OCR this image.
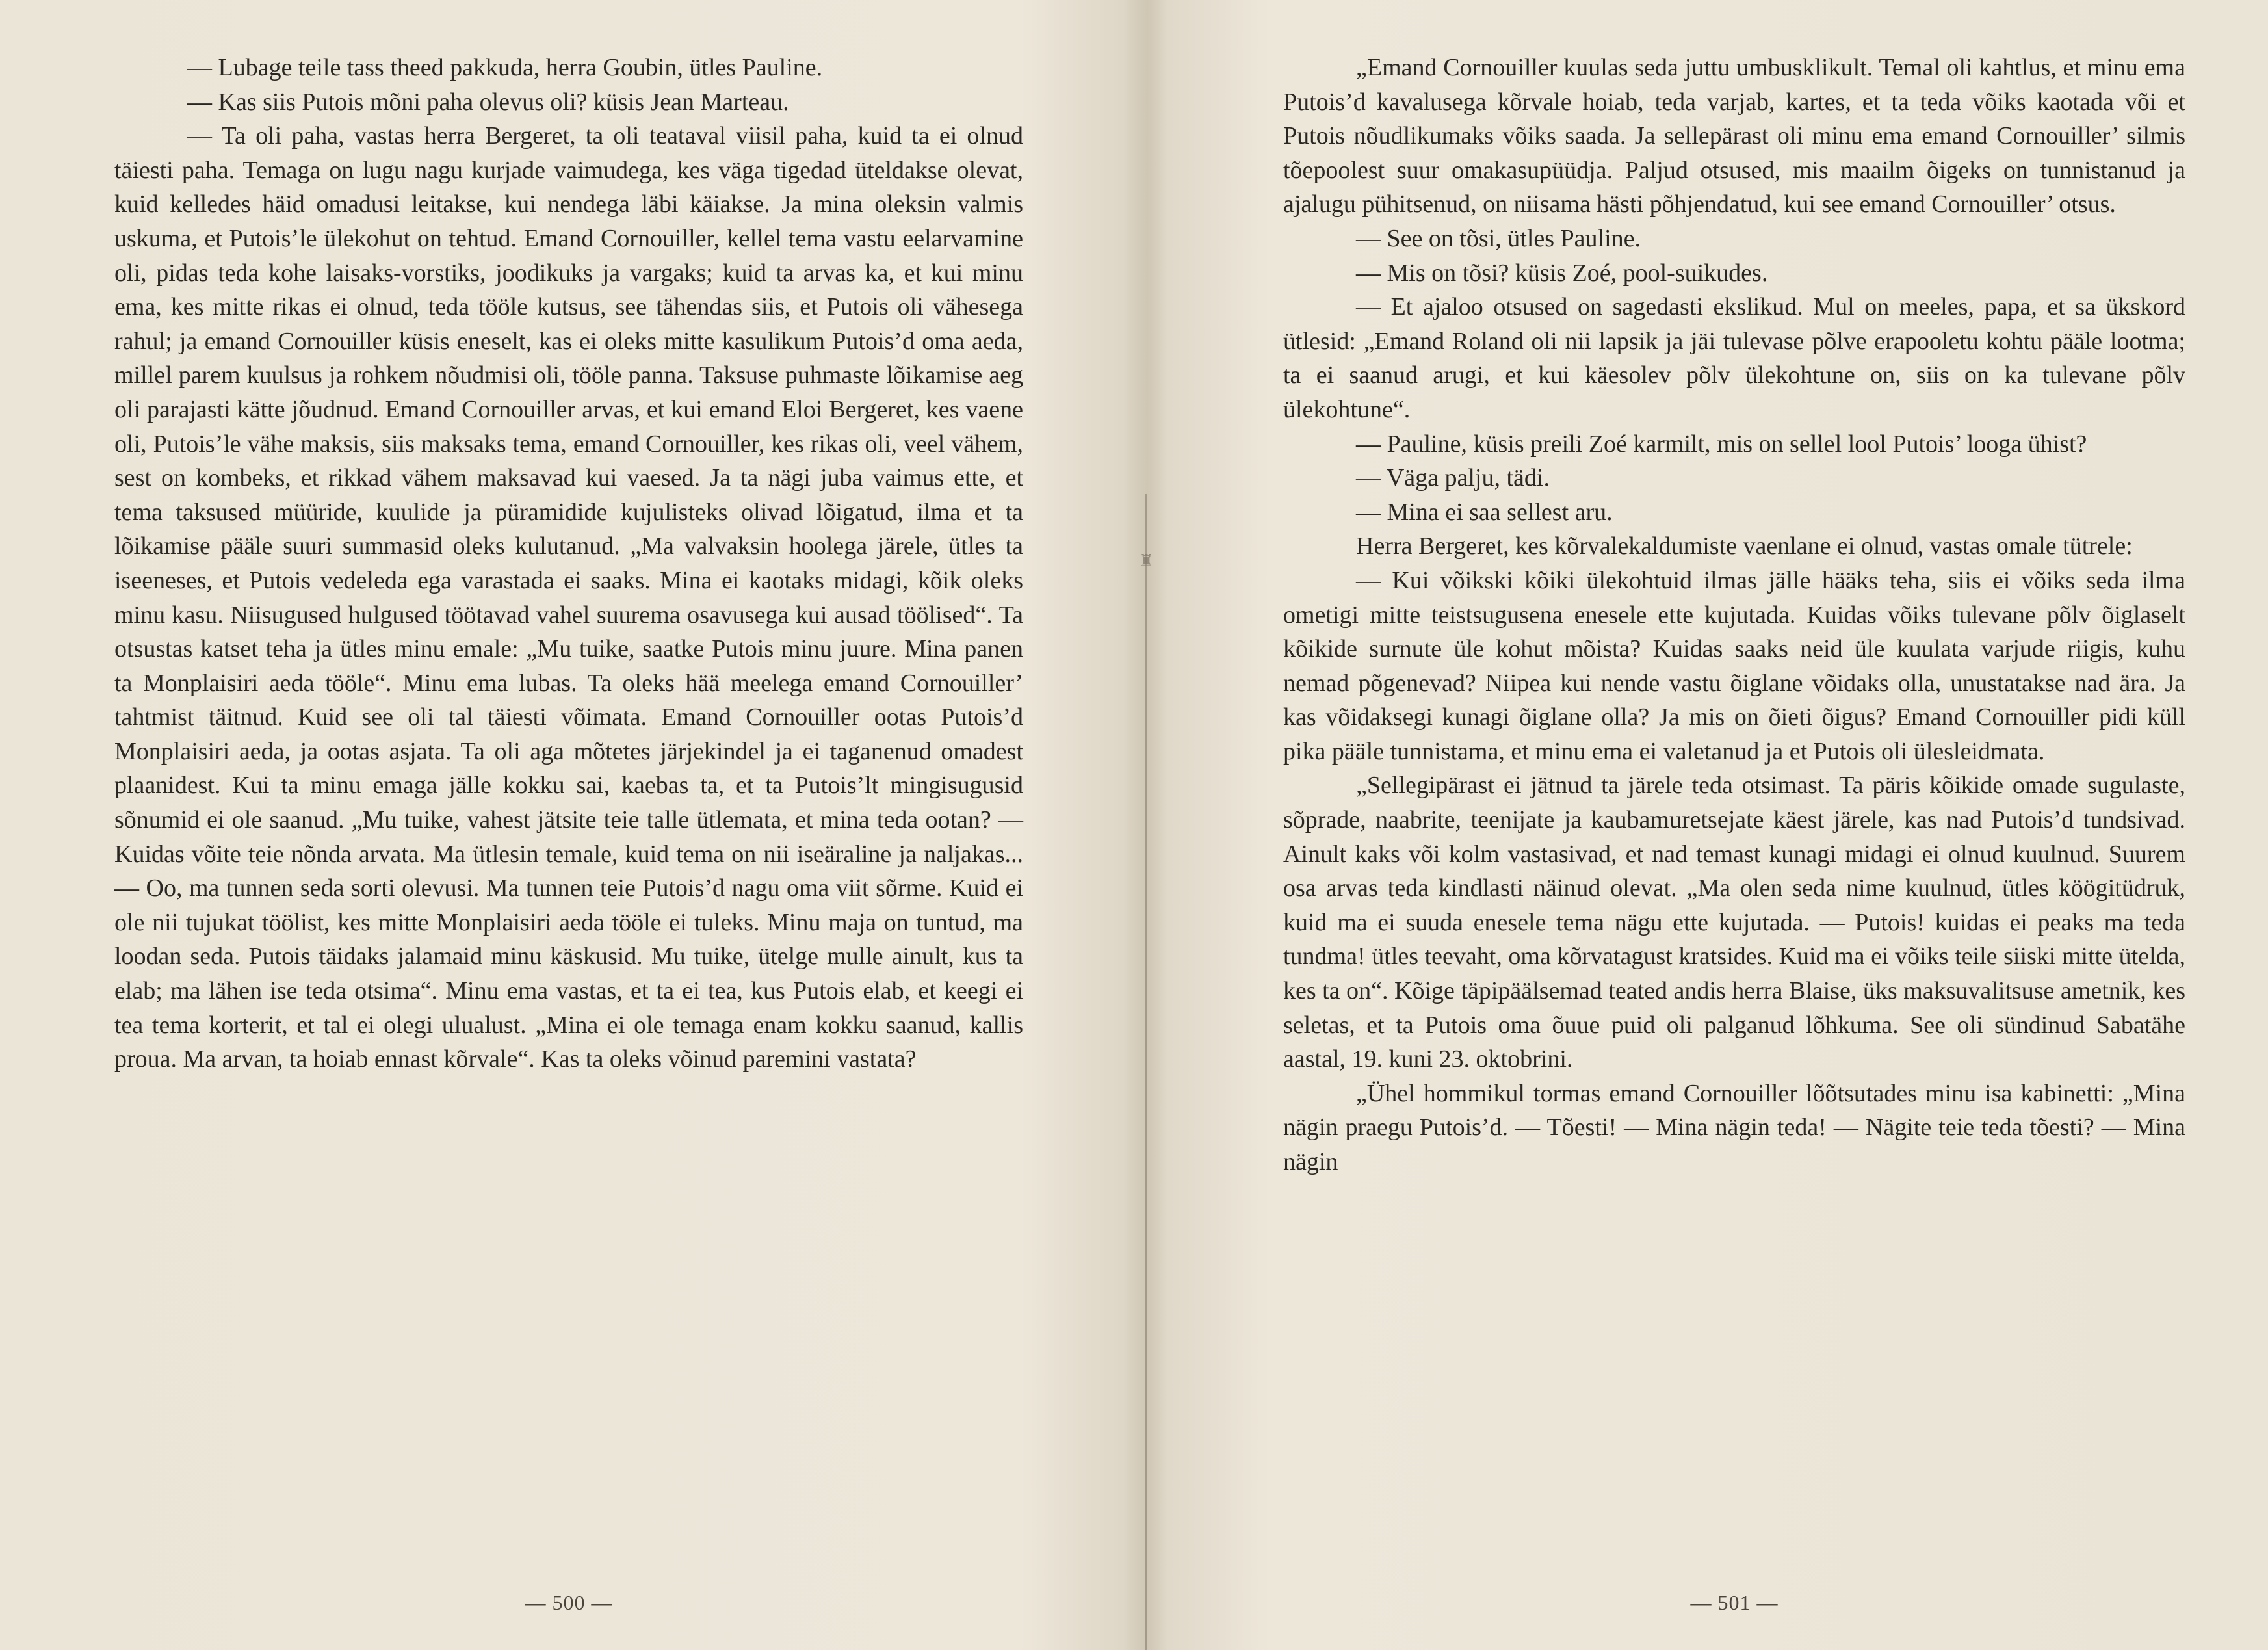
— Lubage teile tass theed pakkuda, herra Goubin, ütles Pauline.

— Kas siis Putois mõni paha olevus oli? küsis Jean Marteau.

— Ta oli paha, vastas herra Bergeret, ta oli teataval viisil paha, kuid ta ei olnud täiesti paha. Temaga on lugu nagu kurjade vaimudega, kes väga tigedad üteldakse olevat, kuid kelledes häid omadusi leitakse, kui nendega läbi käiakse. Ja mina oleksin valmis uskuma, et Putois’le ülekohut on tehtud. Emand Cornouiller, kellel tema vastu eelarvamine oli, pidas teda kohe laisaks-vorstiks, joodikuks ja vargaks; kuid ta arvas ka, et kui minu ema, kes mitte rikas ei olnud, teda tööle kutsus, see tähendas siis, et Putois oli vähesega rahul; ja emand Cornouiller küsis eneselt, kas ei oleks mitte kasulikum Putois’d oma aeda, millel parem kuulsus ja rohkem nõudmisi oli, tööle panna. Taksuse puhmaste lõikamise aeg oli parajasti kätte jõudnud. Emand Cornouiller arvas, et kui emand Eloi Bergeret, kes vaene oli, Putois’le vähe maksis, siis maksaks tema, emand Cornouiller, kes rikas oli, veel vähem, sest on kombeks, et rikkad vähem maksavad kui vaesed. Ja ta nägi juba vaimus ette, et tema taksused müüride, kuulide ja püramidide kujulisteks olivad lõigatud, ilma et ta lõikamise pääle suuri summasid oleks kulutanud. „Ma valvaksin hoolega järele, ütles ta iseeneses, et Putois vedeleda ega varastada ei saaks. Mina ei kaotaks midagi, kõik oleks minu kasu. Niisugused hulgused töötavad vahel suurema osavusega kui ausad töölised“. Ta otsustas katset teha ja ütles minu emale: „Mu tuike, saatke Putois minu juure. Mina panen ta Monplaisiri aeda tööle“. Minu ema lubas. Ta oleks hää meelega emand Cornouiller’ tahtmist täitnud. Kuid see oli tal täiesti võimata. Emand Cornouiller ootas Putois’d Monplaisiri aeda, ja ootas asjata. Ta oli aga mõtetes järjekindel ja ei taganenud omadest plaanidest. Kui ta minu emaga jälle kokku sai, kaebas ta, et ta Putois’lt mingisugusid sõnumid ei ole saanud. „Mu tuike, vahest jätsite teie talle ütlemata, et mina teda ootan? — Kuidas võite teie nõnda arvata. Ma ütlesin temale, kuid tema on nii iseäraline ja naljakas... — Oo, ma tunnen seda sorti olevusi. Ma tunnen teie Putois’d nagu oma viit sõrme. Kuid ei ole nii tujukat töölist, kes mitte Monplaisiri aeda tööle ei tuleks. Minu maja on tuntud, ma loodan seda. Putois täidaks jalamaid minu käskusid. Mu tuike, ütelge mulle ainult, kus ta elab; ma lähen ise teda otsima“. Minu ema vastas, et ta ei tea, kus Putois elab, et keegi ei tea tema korterit, et tal ei olegi ulualust. „Mina ei ole temaga enam kokku saanud, kallis proua. Ma arvan, ta hoiab ennast kõrvale“. Kas ta oleks võinud paremini vastata?

— 500 —

„Emand Cornouiller kuulas seda juttu umbusklikult. Temal oli kahtlus, et minu ema Putois’d kavalusega kõrvale hoiab, teda varjab, kartes, et ta teda võiks kaotada või et Putois nõudlikumaks võiks saada. Ja sellepärast oli minu ema emand Cornouiller’ silmis tõepoolest suur omakasupüüdja. Paljud otsused, mis maailm õigeks on tunnistanud ja ajalugu pühitsenud, on niisama hästi põhjendatud, kui see emand Cornouiller’ otsus.

— See on tõsi, ütles Pauline.

— Mis on tõsi? küsis Zoé, pool-suikudes.

— Et ajaloo otsused on sagedasti ekslikud. Mul on meeles, papa, et sa ükskord ütlesid: „Emand Roland oli nii lapsik ja jäi tulevase põlve erapooletu kohtu pääle lootma; ta ei saanud arugi, et kui käesolev põlv ülekohtune on, siis on ka tulevane põlv ülekohtune“.

— Pauline, küsis preili Zoé karmilt, mis on sellel lool Putois’ looga ühist?

— Väga palju, tädi.

— Mina ei saa sellest aru.

Herra Bergeret, kes kõrvalekaldumiste vaenlane ei olnud, vastas omale tütrele:

— Kui võikski kõiki ülekohtuid ilmas jälle hääks teha, siis ei võiks seda ilma ometigi mitte teistsugusena enesele ette kujutada. Kuidas võiks tulevane põlv õiglaselt kõikide surnute üle kohut mõista? Kuidas saaks neid üle kuulata varjude riigis, kuhu nemad põgenevad? Niipea kui nende vastu õiglane võidaks olla, unustatakse nad ära. Ja kas võidaksegi kunagi õiglane olla? Ja mis on õieti õigus? Emand Cornouiller pidi küll pika pääle tunnistama, et minu ema ei valetanud ja et Putois oli ülesleidmata.

„Sellegipärast ei jätnud ta järele teda otsimast. Ta päris kõikide omade sugulaste, sõprade, naabrite, teenijate ja kaubamuretsejate käest järele, kas nad Putois’d tundsivad. Ainult kaks või kolm vastasivad, et nad temast kunagi midagi ei olnud kuulnud. Suurem osa arvas teda kindlasti näinud olevat. „Ma olen seda nime kuulnud, ütles köögitüdruk, kuid ma ei suuda enesele tema nägu ette kujutada. — Putois! kuidas ei peaks ma teda tundma! ütles teevaht, oma kõrvatagust kratsides. Kuid ma ei võiks teile siiski mitte ütelda, kes ta on“. Kõige täpipäälsemad teated andis herra Blaise, üks maksuvalitsuse ametnik, kes seletas, et ta Putois oma õuue puid oli palganud lõhkuma. See oli sündinud Sabatähe aastal, 19. kuni 23. oktobrini.

„Ühel hommikul tormas emand Cornouiller lõõtsutades minu isa kabinetti: „Mina nägin praegu Putois’d. — Tõesti! — Mina nägin teda! — Nägite teie teda tõesti? — Mina nägin

— 501 —
♜
